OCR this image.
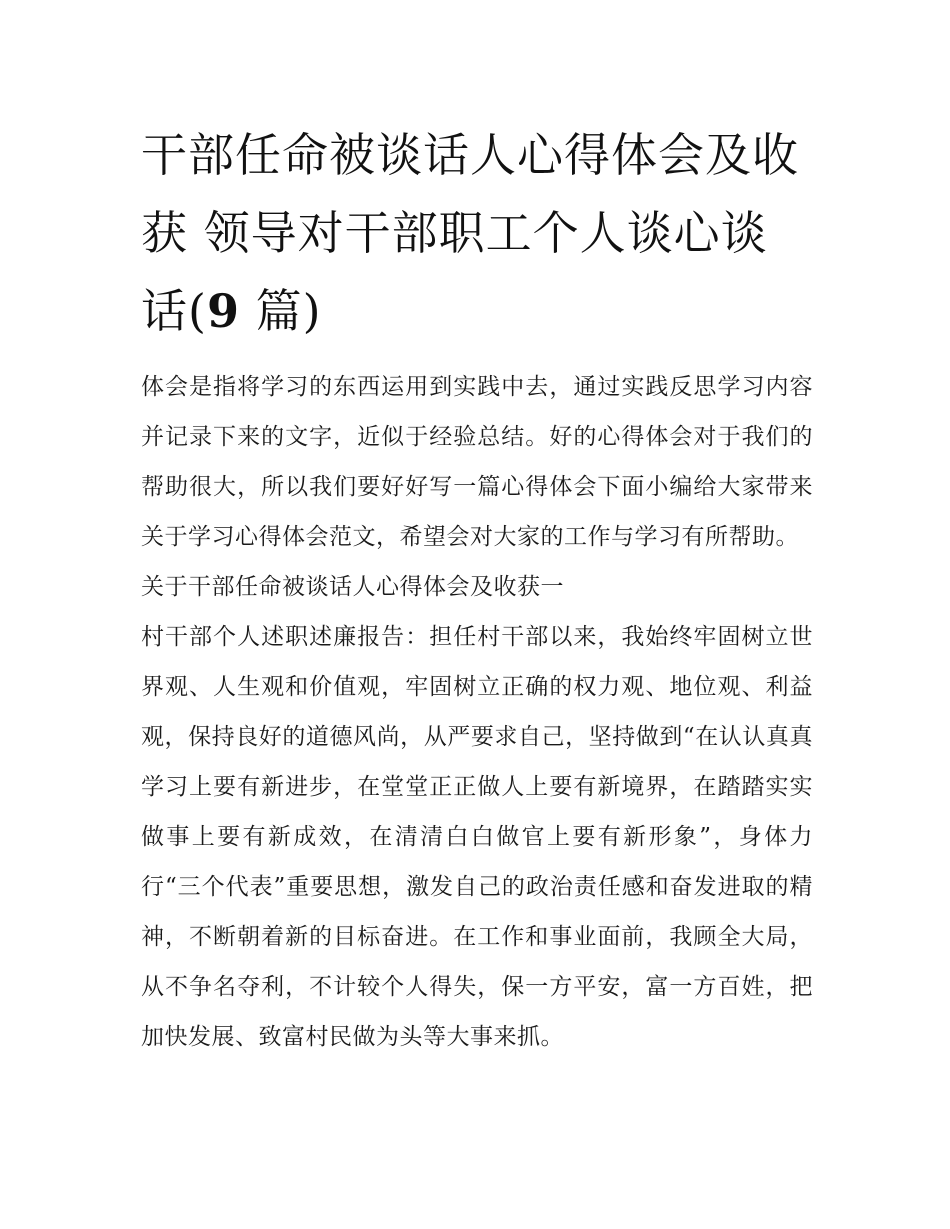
干部任命被谈话人心得体会及收获 领导对干部职工个人谈心谈话(9 篇)

体会是指将学习的东西运用到实践中去，通过实践反思学习内容并记录下来的文字，近似于经验总结。好的心得体会对于我们的帮助很大，所以我们要好好写一篇心得体会下面小编给大家带来关于学习心得体会范文，希望会对大家的工作与学习有所帮助。

关于干部任命被谈话人心得体会及收获一

村干部个人述职述廉报告：担任村干部以来，我始终牢固树立世界观、人生观和价值观，牢固树立正确的权力观、地位观、利益观，保持良好的道德风尚，从严要求自己，坚持做到“在认认真真学习上要有新进步，在堂堂正正做人上要有新境界，在踏踏实实做事上要有新成效，在清清白白做官上要有新形象”，身体力行“三个代表”重要思想，激发自己的政治责任感和奋发进取的精神，不断朝着新的目标奋进。在工作和事业面前，我顾全大局，从不争名夺利，不计较个人得失，保一方平安，富一方百姓，把加快发展、致富村民做为头等大事来抓。
